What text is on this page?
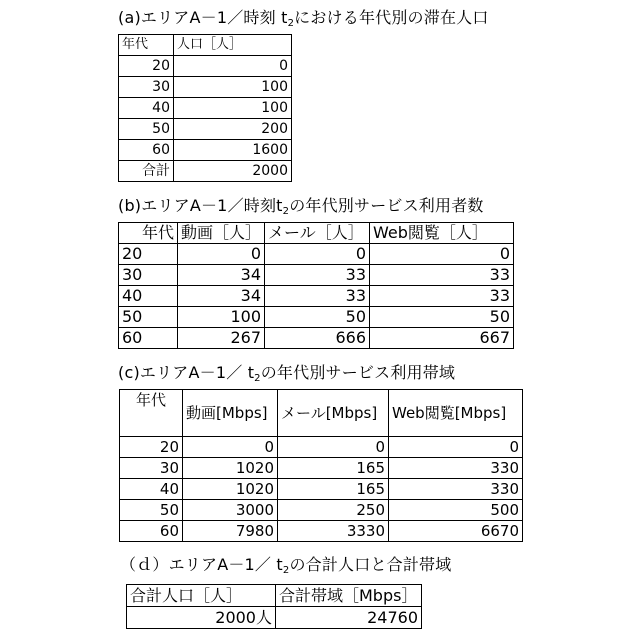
(a)エリアA－1／時刻 t2における年代別の滞在人口
年代	人口［人］
20	0
30	100
40	100
50	200
60	1600
合計	2000
(b)エリアA－1／時刻t2の年代別サービス利用者数
年代	動画［人］	メール［人］	Web閲覧［人］
20	0	0	0
30	34	33	33
40	34	33	33
50	100	50	50
60	267	666	667
(c)エリアA－1／ t2の年代別サービス利用帯域
年代	動画[Mbps]	メール[Mbps]	Web閲覧[Mbps]
20	0	0	0
30	1020	165	330
40	1020	165	330
50	3000	250	500
60	7980	3330	6670
（ｄ）エリアA－1／ t2の合計人口と合計帯域
合計人口［人］	合計帯域［Mbps］
2000人	24760
